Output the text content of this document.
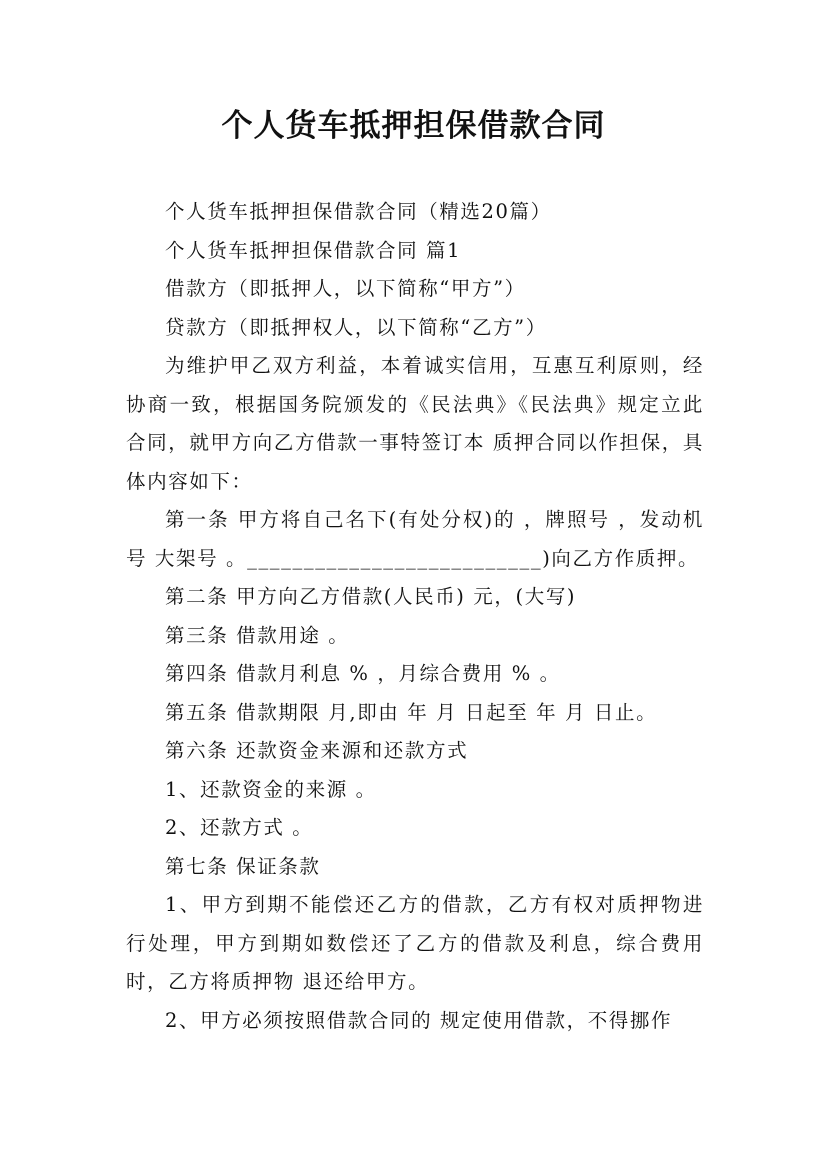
个人货车抵押担保借款合同

个人货车抵押担保借款合同（精选20篇）

个人货车抵押担保借款合同 篇1

借款方（即抵押人，以下简称“甲方”）

贷款方（即抵押权人，以下简称“乙方”）

为维护甲乙双方利益，本着诚实信用，互惠互利原则，经协商一致，根据国务院颁发的《民法典》《民法典》规定立此合同，就甲方向乙方借款一事特签订本 质押合同以作担保，具体内容如下：

第一条 甲方将自己名下(有处分权)的 ，牌照号 ，发动机号 大架号 。__________________________)向乙方作质押。

第二条 甲方向乙方借款(人民币) 元，(大写)

第三条 借款用途 。

第四条 借款月利息 % ，月综合费用 % 。

第五条 借款期限 月,即由 年 月 日起至 年 月 日止。

第六条 还款资金来源和还款方式

1、还款资金的来源 。

2、还款方式 。

第七条 保证条款

1、甲方到期不能偿还乙方的借款，乙方有权对质押物进行处理，甲方到期如数偿还了乙方的借款及利息，综合费用时，乙方将质押物 退还给甲方。

2、甲方必须按照借款合同的 规定使用借款，不得挪作
